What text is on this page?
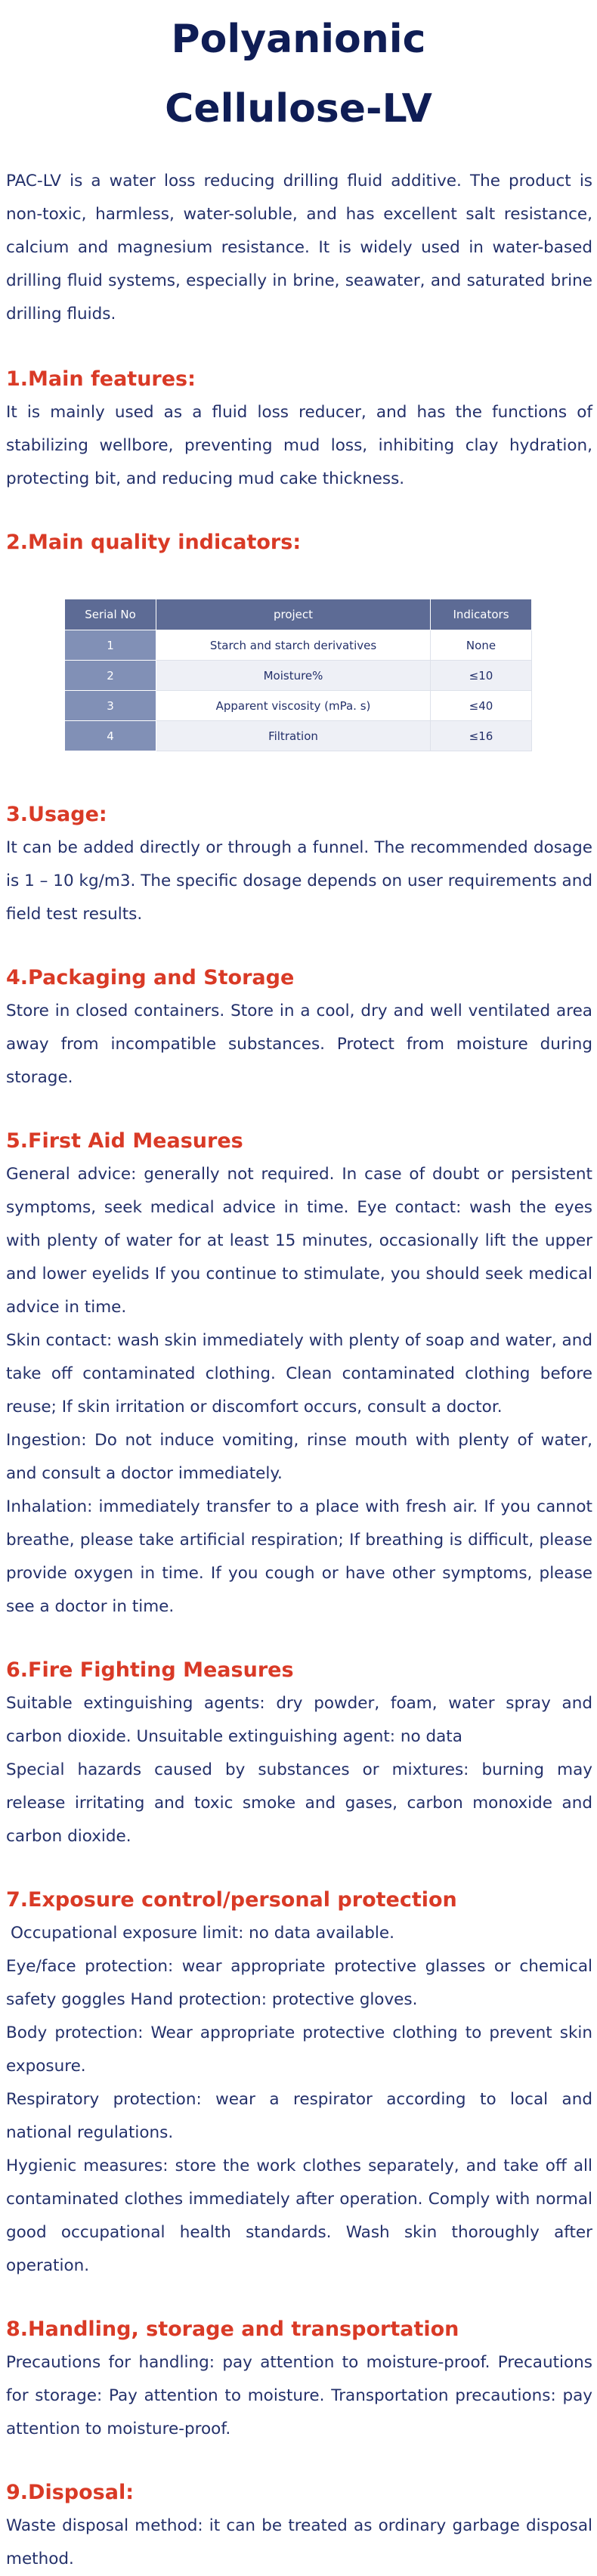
Polyanionic
Cellulose-LV

PAC-LV is a water loss reducing drilling fluid additive. The product is non-toxic, harmless, water-soluble, and has excellent salt resistance, calcium and magnesium resistance. It is widely used in water-based drilling fluid systems, especially in brine, seawater, and saturated brine drilling fluids.

1.Main features:

It is mainly used as a fluid loss reducer, and has the functions of stabilizing wellbore, preventing mud loss, inhibiting clay hydration, protecting bit, and reducing mud cake thickness.

2.Main quality indicators:
Serial No	project	Indicators
1	Starch and starch derivatives	None
2	Moisture%	≤10
3	Apparent viscosity (mPa. s)	≤40
4	Filtration	≤16
3.Usage:

It can be added directly or through a funnel. The recommended dosage is 1 – 10 kg/m3. The specific dosage depends on user requirements and field test results.

4.Packaging and Storage

Store in closed containers. Store in a cool, dry and well ventilated area away from incompatible substances. Protect from moisture during storage.

5.First Aid Measures

General advice: generally not required. In case of doubt or persistent symptoms, seek medical advice in time. Eye contact: wash the eyes with plenty of water for at least 15 minutes, occasionally lift the upper and lower eyelids If you continue to stimulate, you should seek medical advice in time.

Skin contact: wash skin immediately with plenty of soap and water, and take off contaminated clothing. Clean contaminated clothing before reuse; If skin irritation or discomfort occurs, consult a doctor.

Ingestion: Do not induce vomiting, rinse mouth with plenty of water, and consult a doctor immediately.

Inhalation: immediately transfer to a place with fresh air. If you cannot breathe, please take artificial respiration; If breathing is difficult, please provide oxygen in time. If you cough or have other symptoms, please see a doctor in time.

6.Fire Fighting Measures

Suitable extinguishing agents: dry powder, foam, water spray and carbon dioxide. Unsuitable extinguishing agent: no data

Special hazards caused by substances or mixtures: burning may release irritating and toxic smoke and gases, carbon monoxide and carbon dioxide.

7.Exposure control/personal protection

Occupational exposure limit: no data available.

Eye/face protection: wear appropriate protective glasses or chemical safety goggles Hand protection: protective gloves.

Body protection: Wear appropriate protective clothing to prevent skin exposure.

Respiratory protection: wear a respirator according to local and national regulations.

Hygienic measures: store the work clothes separately, and take off all contaminated clothes immediately after operation. Comply with normal good occupational health standards. Wash skin thoroughly after operation.

8.Handling, storage and transportation

Precautions for handling: pay attention to moisture-proof. Precautions for storage: Pay attention to moisture. Transportation precautions: pay attention to moisture-proof.

9.Disposal:

Waste disposal method: it can be treated as ordinary garbage disposal method.
